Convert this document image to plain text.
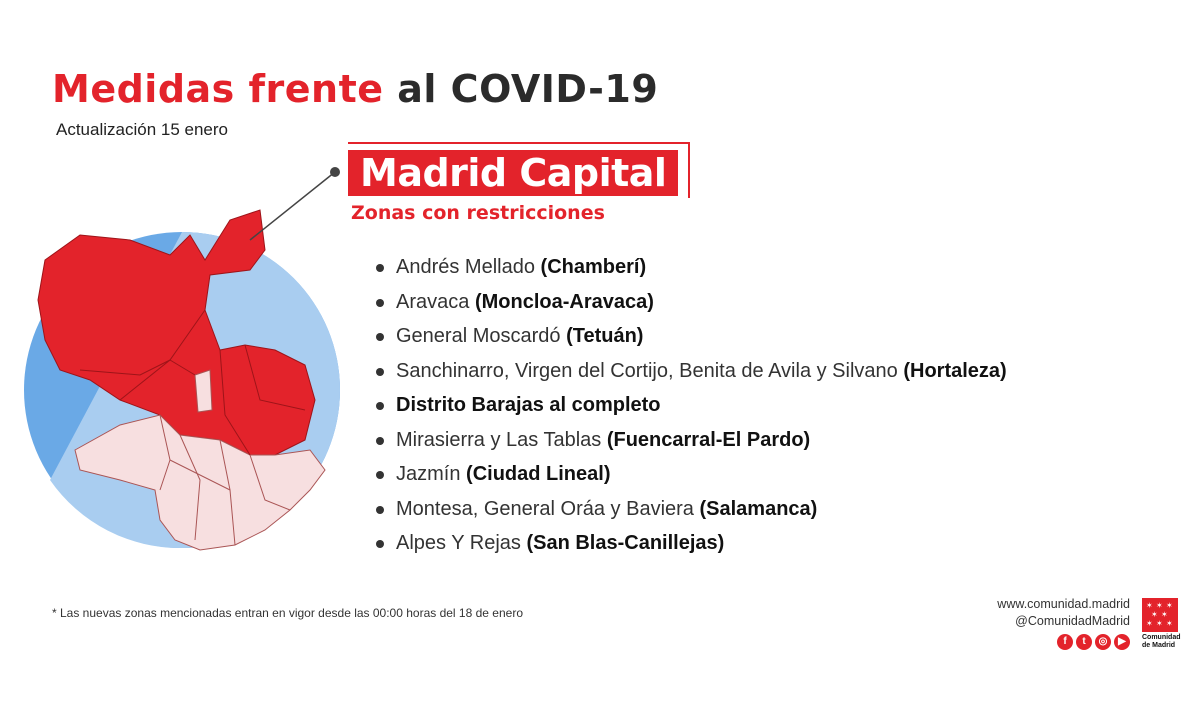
Medidas frente al COVID-19
Actualización 15 enero
Madrid Capital
Zonas con restricciones
Andrés Mellado (Chamberí)
Aravaca (Moncloa-Aravaca)
General Moscardó (Tetuán)
Sanchinarro, Virgen del Cortijo, Benita de Avila y Silvano (Hortaleza)
Distrito Barajas al completo
Mirasierra y Las Tablas (Fuencarral-El Pardo)
Jazmín (Ciudad Lineal)
Montesa, General Oráa y Baviera (Salamanca)
Alpes Y Rejas (San Blas-Canillejas)
* Las nuevas zonas mencionadas entran en vigor desde las 00:00 horas del 18 de enero
www.comunidad.madrid
@ComunidadMadrid
f	t	◎	▶
✶ ✶ ✶
✶ ✶
✶ ✶ ✶
Comunidad
de Madrid
